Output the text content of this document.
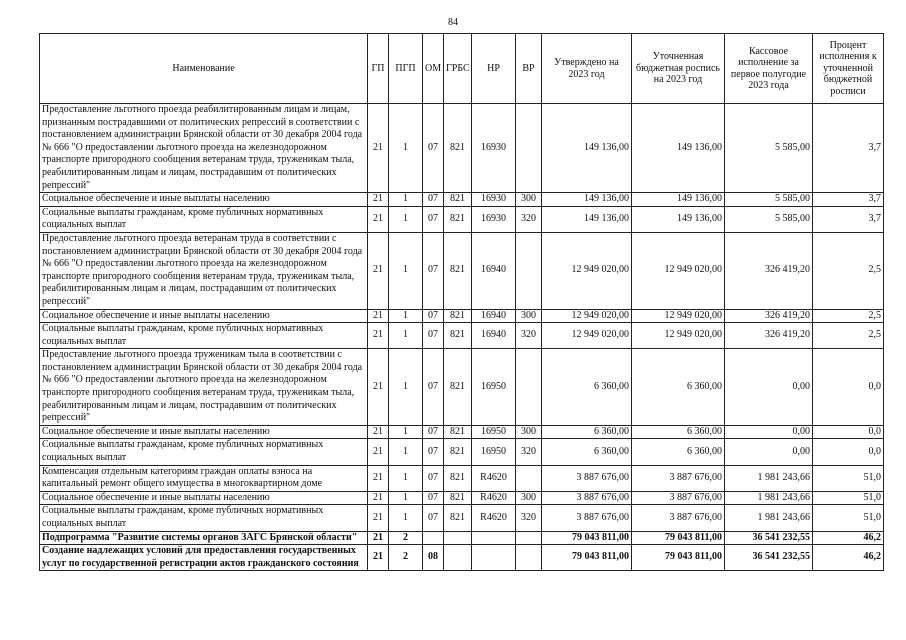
84
Наименование	ГП	ПГП	ОМ	ГРБС	НР	ВР	Утверждено на 2023 год	Уточненная бюджетная роспись на 2023 год	Кассовое исполнение за первое полугодие 2023 года	Процент исполнения к уточненной бюджетной росписи
Предоставление льготного проезда реабилитированным лицам и лицам, признанным пострадавшими от политических репрессий в соответствии с постановлением администрации Брянской области от 30 декабря 2004 года № 666 "О предоставлении льготного проезда на железнодорожном транспорте пригородного сообщения ветеранам труда, труженикам тыла, реабилитированным лицам и лицам, пострадавшим от политических репрессий"	21	1	07	821	16930		149 136,00	149 136,00	5 585,00	3,7
Социальное обеспечение и иные выплаты населению	21	1	07	821	16930	300	149 136,00	149 136,00	5 585,00	3,7
Социальные выплаты гражданам, кроме публичных нормативных социальных выплат	21	1	07	821	16930	320	149 136,00	149 136,00	5 585,00	3,7
Предоставление льготного проезда ветеранам труда в соответствии с постановлением администрации Брянской области от 30 декабря 2004 года № 666 "О предоставлении льготного проезда на железнодорожном транспорте пригородного сообщения ветеранам труда, труженикам тыла, реабилитированным лицам и лицам, пострадавшим от политических репрессий"	21	1	07	821	16940		12 949 020,00	12 949 020,00	326 419,20	2,5
Социальное обеспечение и иные выплаты населению	21	1	07	821	16940	300	12 949 020,00	12 949 020,00	326 419,20	2,5
Социальные выплаты гражданам, кроме публичных нормативных социальных выплат	21	1	07	821	16940	320	12 949 020,00	12 949 020,00	326 419,20	2,5
Предоставление льготного проезда труженикам тыла в соответствии с постановлением администрации Брянской области от 30 декабря 2004 года № 666 "О предоставлении льготного проезда на железнодорожном транспорте пригородного сообщения ветеранам труда, труженикам тыла, реабилитированным лицам и лицам, пострадавшим от политических репрессий"	21	1	07	821	16950		6 360,00	6 360,00	0,00	0,0
Социальное обеспечение и иные выплаты населению	21	1	07	821	16950	300	6 360,00	6 360,00	0,00	0,0
Социальные выплаты гражданам, кроме публичных нормативных социальных выплат	21	1	07	821	16950	320	6 360,00	6 360,00	0,00	0,0
Компенсация отдельным категориям граждан оплаты взноса на капитальный ремонт общего имущества в многоквартирном доме	21	1	07	821	R4620		3 887 676,00	3 887 676,00	1 981 243,66	51,0
Социальное обеспечение и иные выплаты населению	21	1	07	821	R4620	300	3 887 676,00	3 887 676,00	1 981 243,66	51,0
Социальные выплаты гражданам, кроме публичных нормативных социальных выплат	21	1	07	821	R4620	320	3 887 676,00	3 887 676,00	1 981 243,66	51,0
Подпрограмма "Развитие системы органов ЗАГС Брянской области"	21	2					79 043 811,00	79 043 811,00	36 541 232,55	46,2
Создание надлежащих условий для предоставления государственных услуг по государственной регистрации актов гражданского состояния	21	2	08				79 043 811,00	79 043 811,00	36 541 232,55	46,2
